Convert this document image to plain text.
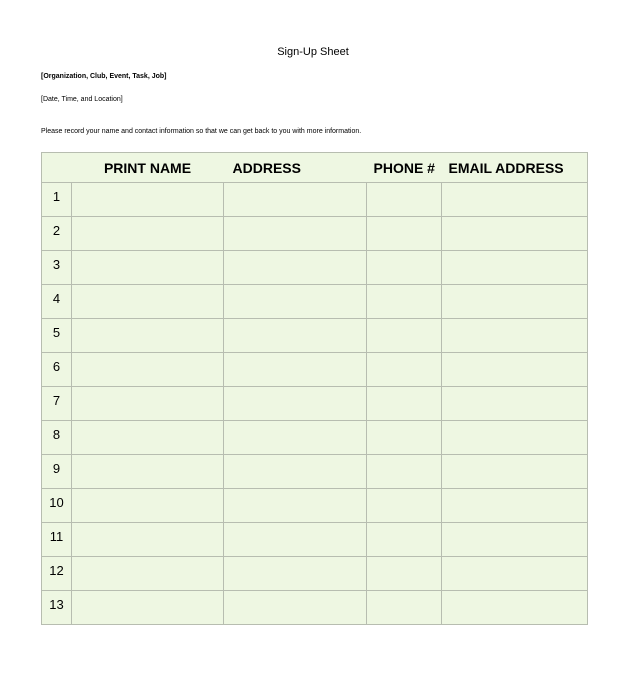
Sign-Up Sheet
[Organization, Club, Event, Task, Job]
[Date, Time, and Location]
Please record your name and contact information so that we can get back to you with more information.
	PRINT NAME	ADDRESS	PHONE #	EMAIL ADDRESS
1				
2				
3				
4				
5				
6				
7				
8				
9				
10				
11				
12				
13				
